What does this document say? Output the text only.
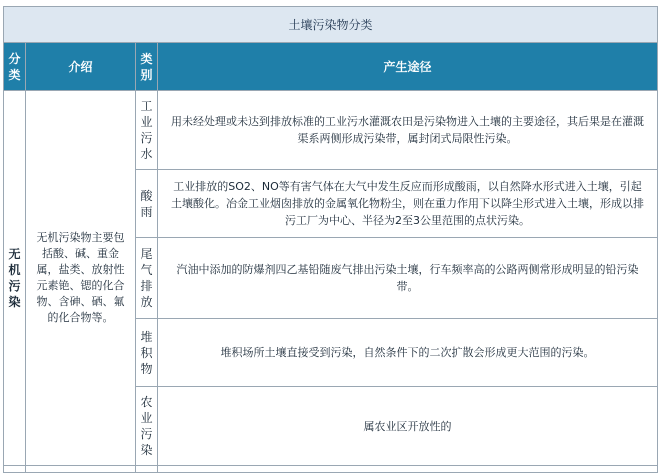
土壤污染物分类			
分类	介绍	类别	产生途径
无机污染	无机污染物主要包括酸、碱、重金属，盐类、放射性元素铯、锶的化合物、含砷、硒、氟的化合物等。	工业污水	用未经处理或未达到排放标准的工业污水灌溉农田是污染物进入土壤的主要途径，其后果是在灌溉渠系两侧形成污染带，属封闭式局限性污染。
		酸雨	工业排放的SO2、NO等有害气体在大气中发生反应而形成酸雨，以自然降水形式进入土壤，引起土壤酸化。冶金工业烟囱排放的金属氧化物粉尘，则在重力作用下以降尘形式进入土壤，形成以排污工厂为中心、半径为2至3公里范围的点状污染。
		尾气排放	汽油中添加的防爆剂四乙基铅随废气排出污染土壤，行车频率高的公路两侧常形成明显的铅污染带。
		堆积物	堆积场所土壤直接受到污染，自然条件下的二次扩散会形成更大范围的污染。
		农业污染	属农业区开放性的
